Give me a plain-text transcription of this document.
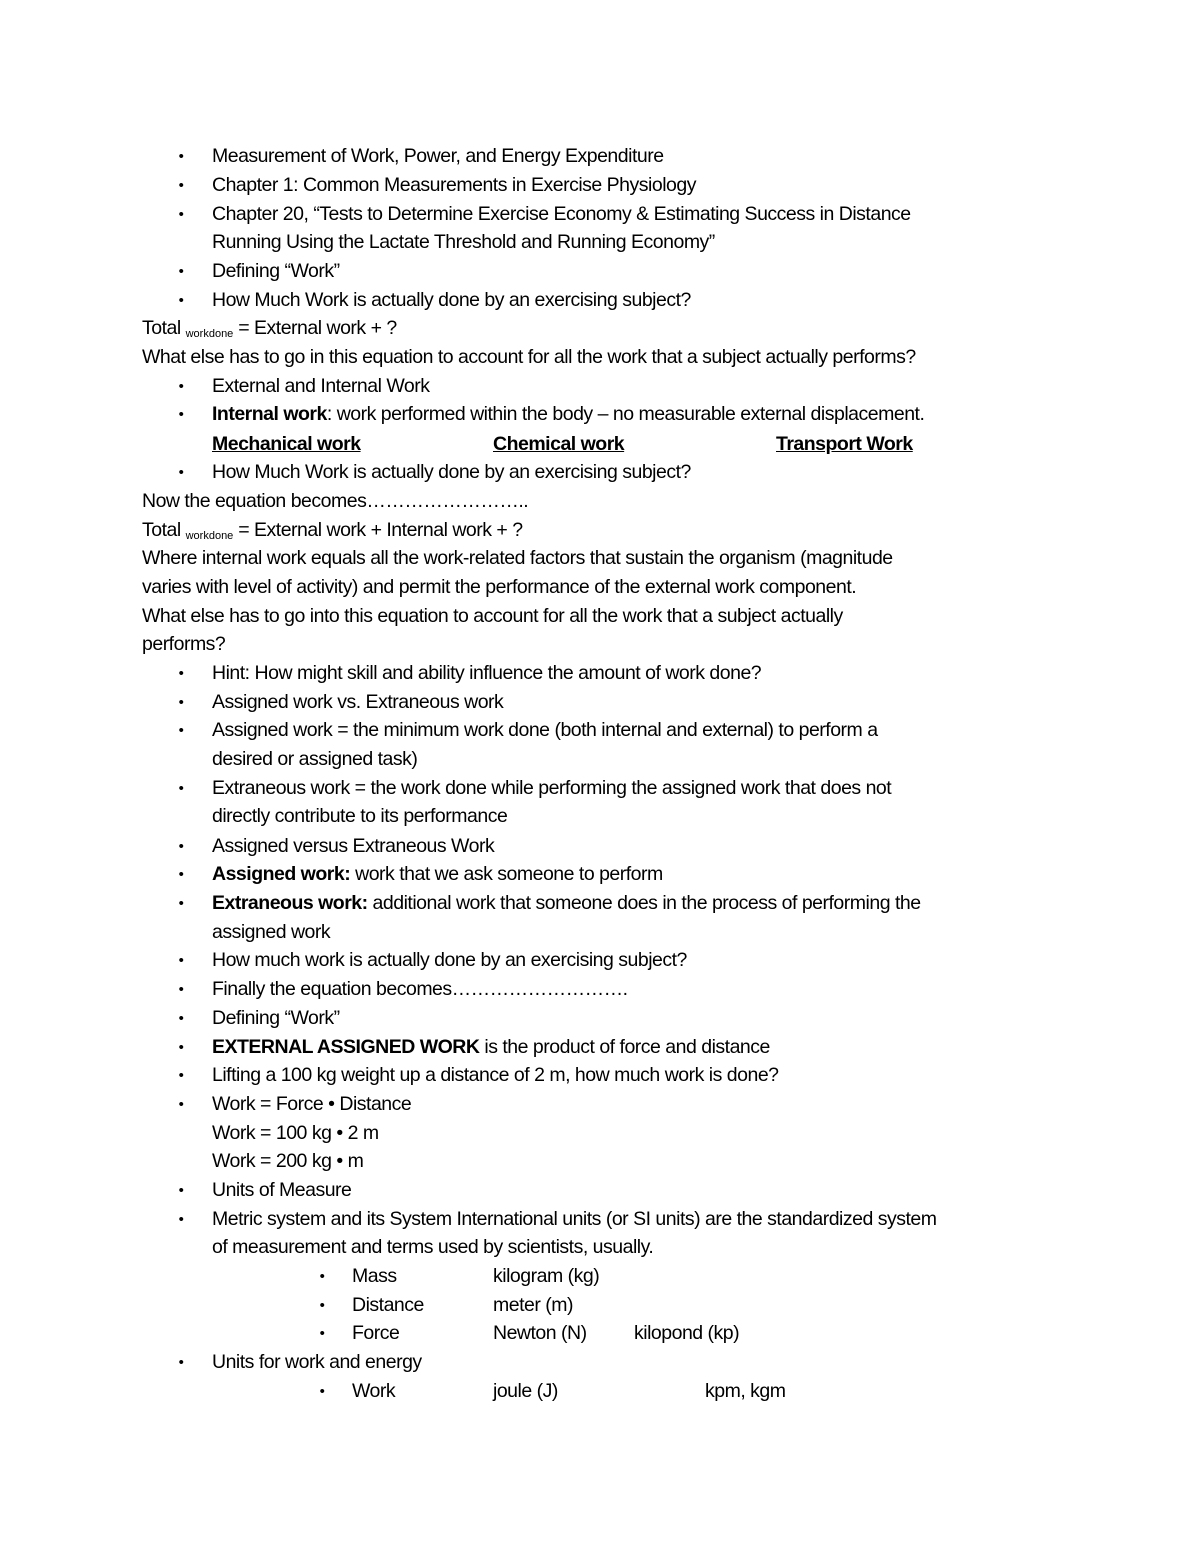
• Measurement of Work, Power, and Energy Expenditure
• Chapter 1: Common Measurements in Exercise Physiology
• Chapter 20, “Tests to Determine Exercise Economy & Estimating Success in Distance
Running Using the Lactate Threshold and Running Economy”
• Defining “Work”
• How Much Work is actually done by an exercising subject?
Total $_{workdone}$ = External work + ?
What else has to go in this equation to account for all the work that a subject actually performs?
• External and Internal Work
• Internal work: work performed within the body – no measurable external displacement.
Mechanical work	Chemical work	Transport Work
• How Much Work is actually done by an exercising subject?
Now the equation becomes……………………..
Total $_{workdone}$ = External work + Internal work + ?
Where internal work equals all the work-related factors that sustain the organism (magnitude
varies with level of activity) and permit the performance of the external work component.
What else has to go into this equation to account for all the work that a subject actually
performs?
• Hint: How might skill and ability influence the amount of work done?
• Assigned work vs. Extraneous work
• Assigned work = the minimum work done (both internal and external) to perform a
desired or assigned task)
• Extraneous work = the work done while performing the assigned work that does not
directly contribute to its performance
• Assigned versus Extraneous Work
• Assigned work: work that we ask someone to perform
• Extraneous work: additional work that someone does in the process of performing the
assigned work
• How much work is actually done by an exercising subject?
• Finally the equation becomes……………………….
• Defining “Work”
• EXTERNAL ASSIGNED WORK is the product of force and distance
• Lifting a 100 kg weight up a distance of 2 m, how much work is done?
• Work = Force • Distance
Work = 100 kg • 2 m
Work = 200 kg • m
• Units of Measure
• Metric system and its System International units (or SI units) are the standardized system
of measurement and terms used by scientists, usually.
• Mass	kilogram (kg)
• Distance	meter (m)
• Force	Newton (N) kilopond (kp)
• Units for work and energy
• Work	joule (J)	kpm, kgm
